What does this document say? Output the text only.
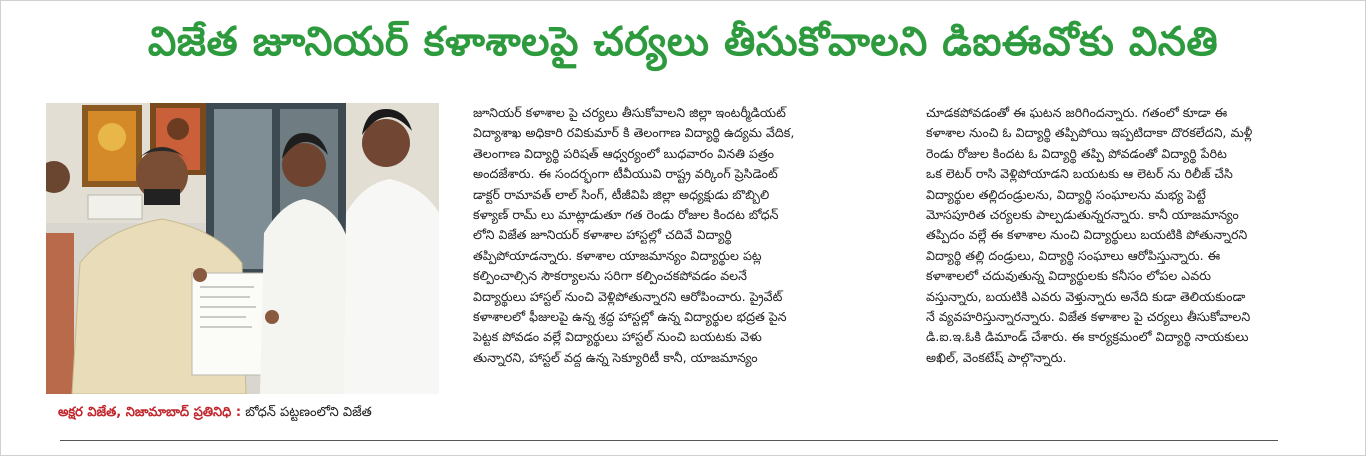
విజేత జూనియర్ కళాశాలపై చర్యలు తీసుకోవాలని డిఐఈవోకు వినతి
అక్షర విజేత, నిజామాబాద్ ప్రతినిధి : బోధన్ పట్టణంలోని విజేత
జూనియర్ కళాశాల పై చర్యలు తీసుకోవాలని జిల్లా ఇంటర్మీడియట్
విద్యాశాఖ అధికారి రవికుమార్ కి తెలంగాణ విద్యార్థి ఉద్యమ వేదిక,
తెలంగాణ విద్యార్థి పరిషత్ ఆధ్వర్యంలో బుధవారం వినతి పత్రం
అందజేశారు. ఈ సందర్భంగా టీవీయువి రాష్ట్ర వర్కింగ్ ప్రెసిడెంట్
డాక్టర్ రామావత్ లాల్ సింగ్, టీజీవిపి జిల్లా అధ్యక్షుడు బొబ్బిలి
కళ్యాణ్ రామ్ లు మాట్లాడుతూ గత రెండు రోజుల కిందట బోధన్
లోని విజేత జూనియర్ కళాశాల హాస్టల్లో చదివే విద్యార్థి
తప్పిపోయాడన్నారు. కళాశాల యాజమాన్యం విద్యార్థుల పట్ల
కల్పించాల్సిన సౌకర్యాలను సరిగా కల్పించకపోవడం వలనే
విద్యార్థులు హాస్టల్ నుంచి వెళ్లిపోతున్నారని ఆరోపించారు. ప్రైవేట్
కళాశాలలో ఫీజులపై ఉన్న శ్రద్ధ హాస్టల్లో ఉన్న విద్యార్థుల భద్రత పైన
పెట్టక పోవడం వల్లే విద్యార్థులు హాస్టల్ నుంచి బయటకు వెళు
తున్నారని, హాస్టల్ వద్ద ఉన్న సెక్యూరిటీ కానీ, యాజమాన్యం
చూడకపోవడంతో ఈ ఘటన జరిగిందన్నారు. గతంలో కూడా ఈ
కళాశాల నుంచి ఓ విద్యార్థి తప్పిపోయి ఇప్పటిదాకా దొరకలేదని, మళ్లీ
రెండు రోజుల కిందట ఓ విద్యార్థి తప్పి పోవడంతో విద్యార్థి పేరిట
ఒక లెటర్ రాసి వెళ్లిపోయాడని బయటకు ఆ లెటర్ ను రిలీజ్ చేసి
విద్యార్థుల తల్లిదండ్రులను, విద్యార్థి సంఘాలను మభ్య పెట్టే
మోసపూరిత చర్యలకు పాల్పడుతున్నరన్నారు. కానీ యాజమాన్యం
తప్పిదం వల్లే ఈ కళాశాల నుంచి విద్యార్థులు బయటికి పోతున్నారని
విద్యార్థి తల్లి దండ్రులు, విద్యార్థి సంఘాలు ఆరోపిస్తున్నారు. ఈ
కళాశాలలో చదువుతున్న విద్యార్థులకు కనీసం లోపల ఎవరు
వస్తున్నారు, బయటికి ఎవరు వెళ్తున్నారు అనేది కుడా తెలియకుండా
నే వ్యవహరిస్తున్నారన్నారు. విజేత కళాశాల పై చర్యలు తీసుకోవాలని
డి.ఐ.ఇ.ఓకి డిమాండ్ చేశారు. ఈ కార్యక్రమంలో విద్యార్థి నాయకులు
అఖిల్, వెంకటేష్ పాల్గొన్నారు.
